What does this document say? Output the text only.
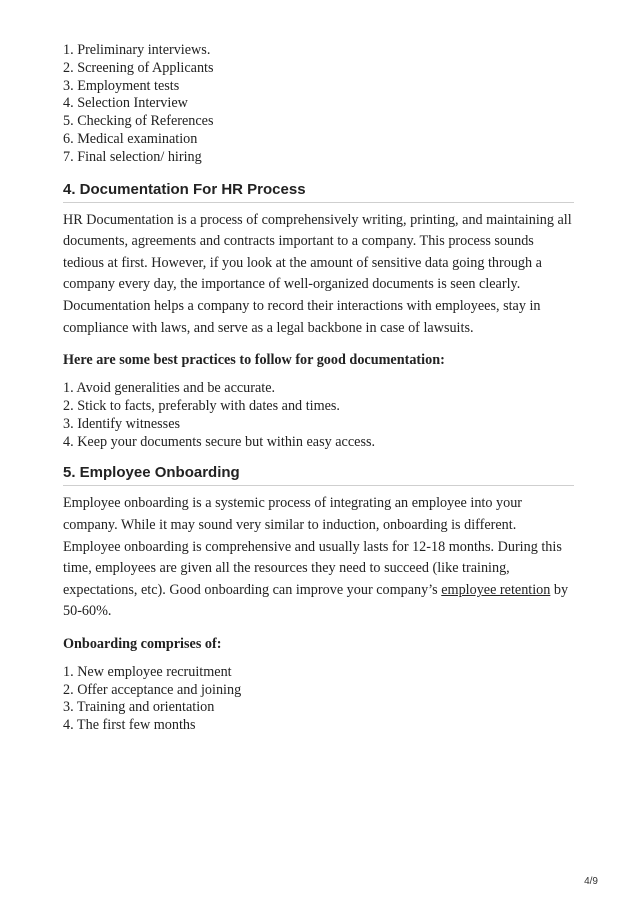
1. Preliminary interviews.
2. Screening of Applicants
3. Employment tests
4. Selection Interview
5. Checking of References
6. Medical examination
7. Final selection/ hiring
4. Documentation For HR Process

HR Documentation is a process of comprehensively writing, printing, and maintaining all documents, agreements and contracts important to a company. This process sounds tedious at first. However, if you look at the amount of sensitive data going through a company every day, the importance of well-organized documents is seen clearly. Documentation helps a company to record their interactions with employees, stay in compliance with laws, and serve as a legal backbone in case of lawsuits.

Here are some best practices to follow for good documentation:

1. Avoid generalities and be accurate.
2. Stick to facts, preferably with dates and times.
3. Identify witnesses
4. Keep your documents secure but within easy access.
5. Employee Onboarding

Employee onboarding is a systemic process of integrating an employee into your company. While it may sound very similar to induction, onboarding is different. Employee onboarding is comprehensive and usually lasts for 12-18 months. During this time, employees are given all the resources they need to succeed (like training, expectations, etc). Good onboarding can improve your company’s employee retention by 50-60%.

Onboarding comprises of:

1. New employee recruitment
2. Offer acceptance and joining
3. Training and orientation
4. The first few months
4/9
